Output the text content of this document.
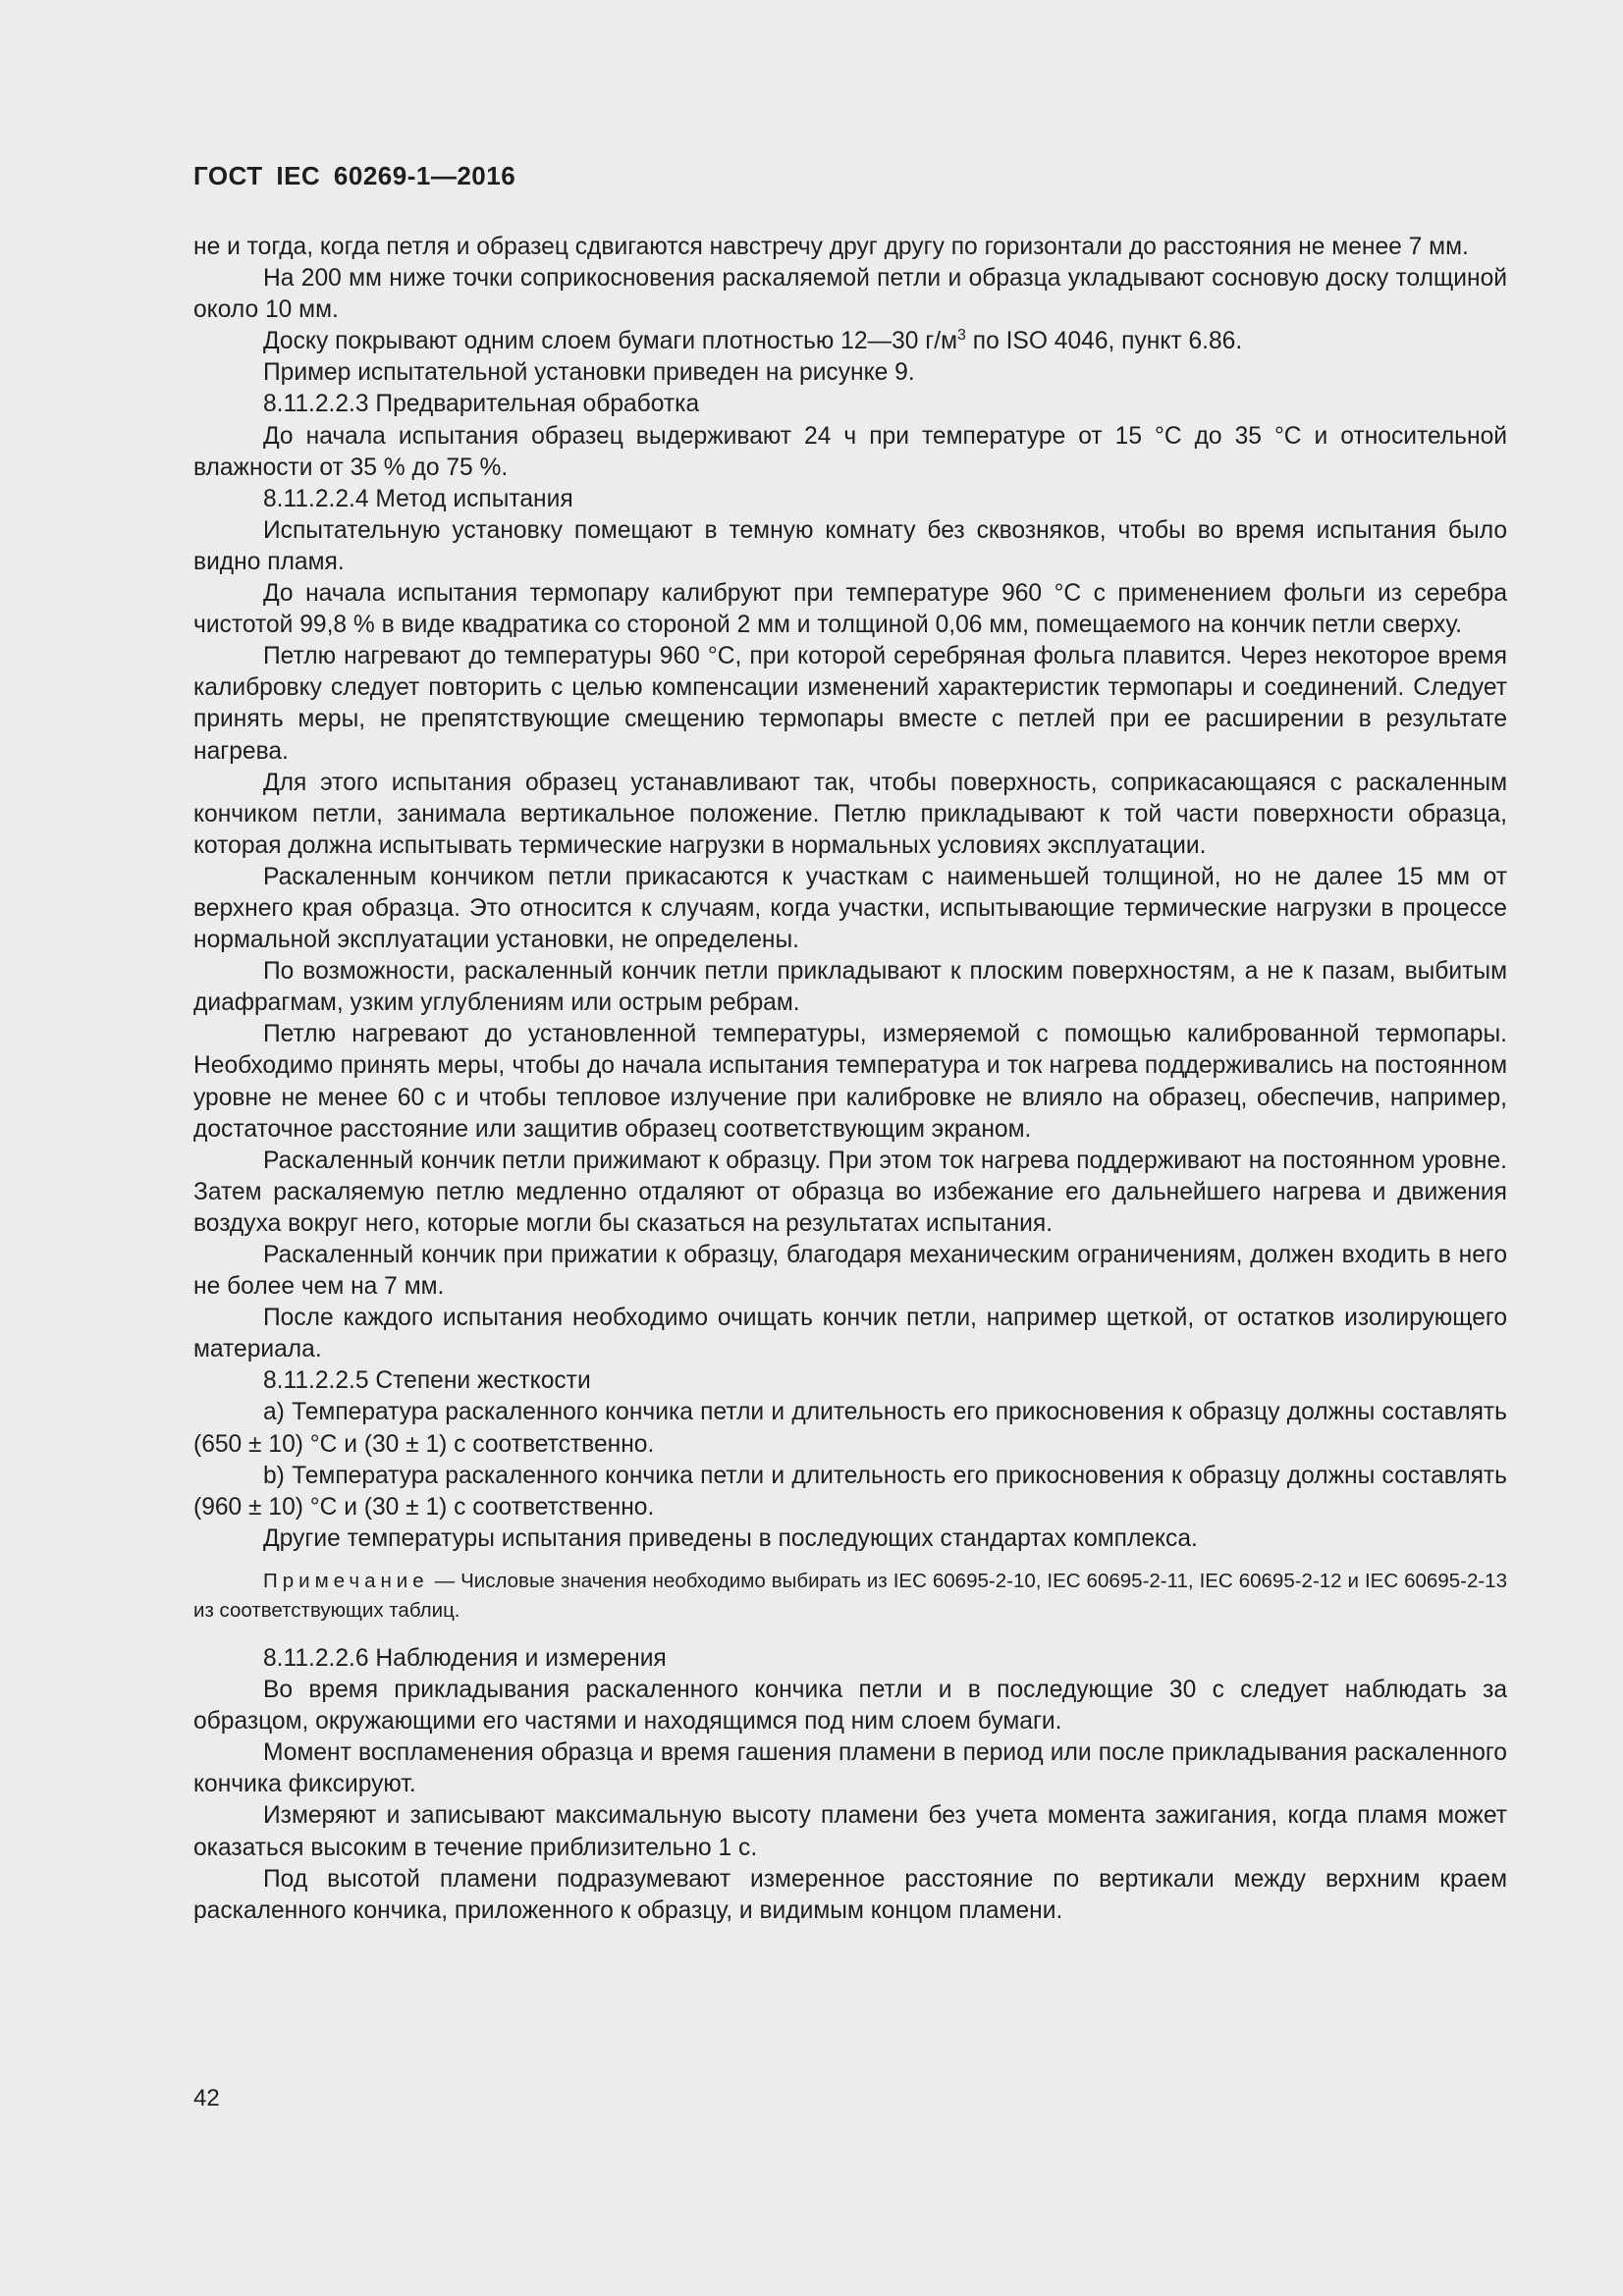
ГОСТ IEC 60269-1—2016

не и тогда, когда петля и образец сдвигаются навстречу друг другу по горизонтали до расстояния не менее 7 мм.

На 200 мм ниже точки соприкосновения раскаляемой петли и образца укладывают сосновую доску толщиной около 10 мм.

Доску покрывают одним слоем бумаги плотностью 12—30 $г/м^3$ по ISO 4046, пункт 6.86.

Пример испытательной установки приведен на рисунке 9.

8.11.2.2.3 Предварительная обработка

До начала испытания образец выдерживают 24 ч при температуре от 15 °С до 35 °С и относительной влажности от 35 % до 75 %.

8.11.2.2.4 Метод испытания

Испытательную установку помещают в темную комнату без сквозняков, чтобы во время испытания было видно пламя.

До начала испытания термопару калибруют при температуре 960 °С с применением фольги из серебра чистотой 99,8 % в виде квадратика со стороной 2 мм и толщиной 0,06 мм, помещаемого на кончик петли сверху.

Петлю нагревают до температуры 960 °С, при которой серебряная фольга плавится. Через некоторое время калибровку следует повторить с целью компенсации изменений характеристик термопары и соединений. Следует принять меры, не препятствующие смещению термопары вместе с петлей при ее расширении в результате нагрева.

Для этого испытания образец устанавливают так, чтобы поверхность, соприкасающаяся с раскаленным кончиком петли, занимала вертикальное положение. Петлю прикладывают к той части поверхности образца, которая должна испытывать термические нагрузки в нормальных условиях эксплуатации.

Раскаленным кончиком петли прикасаются к участкам с наименьшей толщиной, но не далее 15 мм от верхнего края образца. Это относится к случаям, когда участки, испытывающие термические нагрузки в процессе нормальной эксплуатации установки, не определены.

По возможности, раскаленный кончик петли прикладывают к плоским поверхностям, а не к пазам, выбитым диафрагмам, узким углублениям или острым ребрам.

Петлю нагревают до установленной температуры, измеряемой с помощью калиброванной термопары. Необходимо принять меры, чтобы до начала испытания температура и ток нагрева поддерживались на постоянном уровне не менее 60 с и чтобы тепловое излучение при калибровке не влияло на образец, обеспечив, например, достаточное расстояние или защитив образец соответствующим экраном.

Раскаленный кончик петли прижимают к образцу. При этом ток нагрева поддерживают на постоянном уровне. Затем раскаляемую петлю медленно отдаляют от образца во избежание его дальнейшего нагрева и движения воздуха вокруг него, которые могли бы сказаться на результатах испытания.

Раскаленный кончик при прижатии к образцу, благодаря механическим ограничениям, должен входить в него не более чем на 7 мм.

После каждого испытания необходимо очищать кончик петли, например щеткой, от остатков изолирующего материала.

8.11.2.2.5 Степени жесткости

a) Температура раскаленного кончика петли и длительность его прикосновения к образцу должны составлять (650 ± 10) °С и (30 ± 1) с соответственно.

b) Температура раскаленного кончика петли и длительность его прикосновения к образцу должны составлять (960 ± 10) °С и (30 ± 1) с соответственно.

Другие температуры испытания приведены в последующих стандартах комплекса.

Примечание — Числовые значения необходимо выбирать из IEC 60695-2-10, IEC 60695-2-11, IEC 60695-2-12 и IEC 60695-2-13 из соответствующих таблиц.

8.11.2.2.6 Наблюдения и измерения

Во время прикладывания раскаленного кончика петли и в последующие 30 с следует наблюдать за образцом, окружающими его частями и находящимся под ним слоем бумаги.

Момент воспламенения образца и время гашения пламени в период или после прикладывания раскаленного кончика фиксируют.

Измеряют и записывают максимальную высоту пламени без учета момента зажигания, когда пламя может оказаться высоким в течение приблизительно 1 с.

Под высотой пламени подразумевают измеренное расстояние по вертикали между верхним краем раскаленного кончика, приложенного к образцу, и видимым концом пламени.

42
